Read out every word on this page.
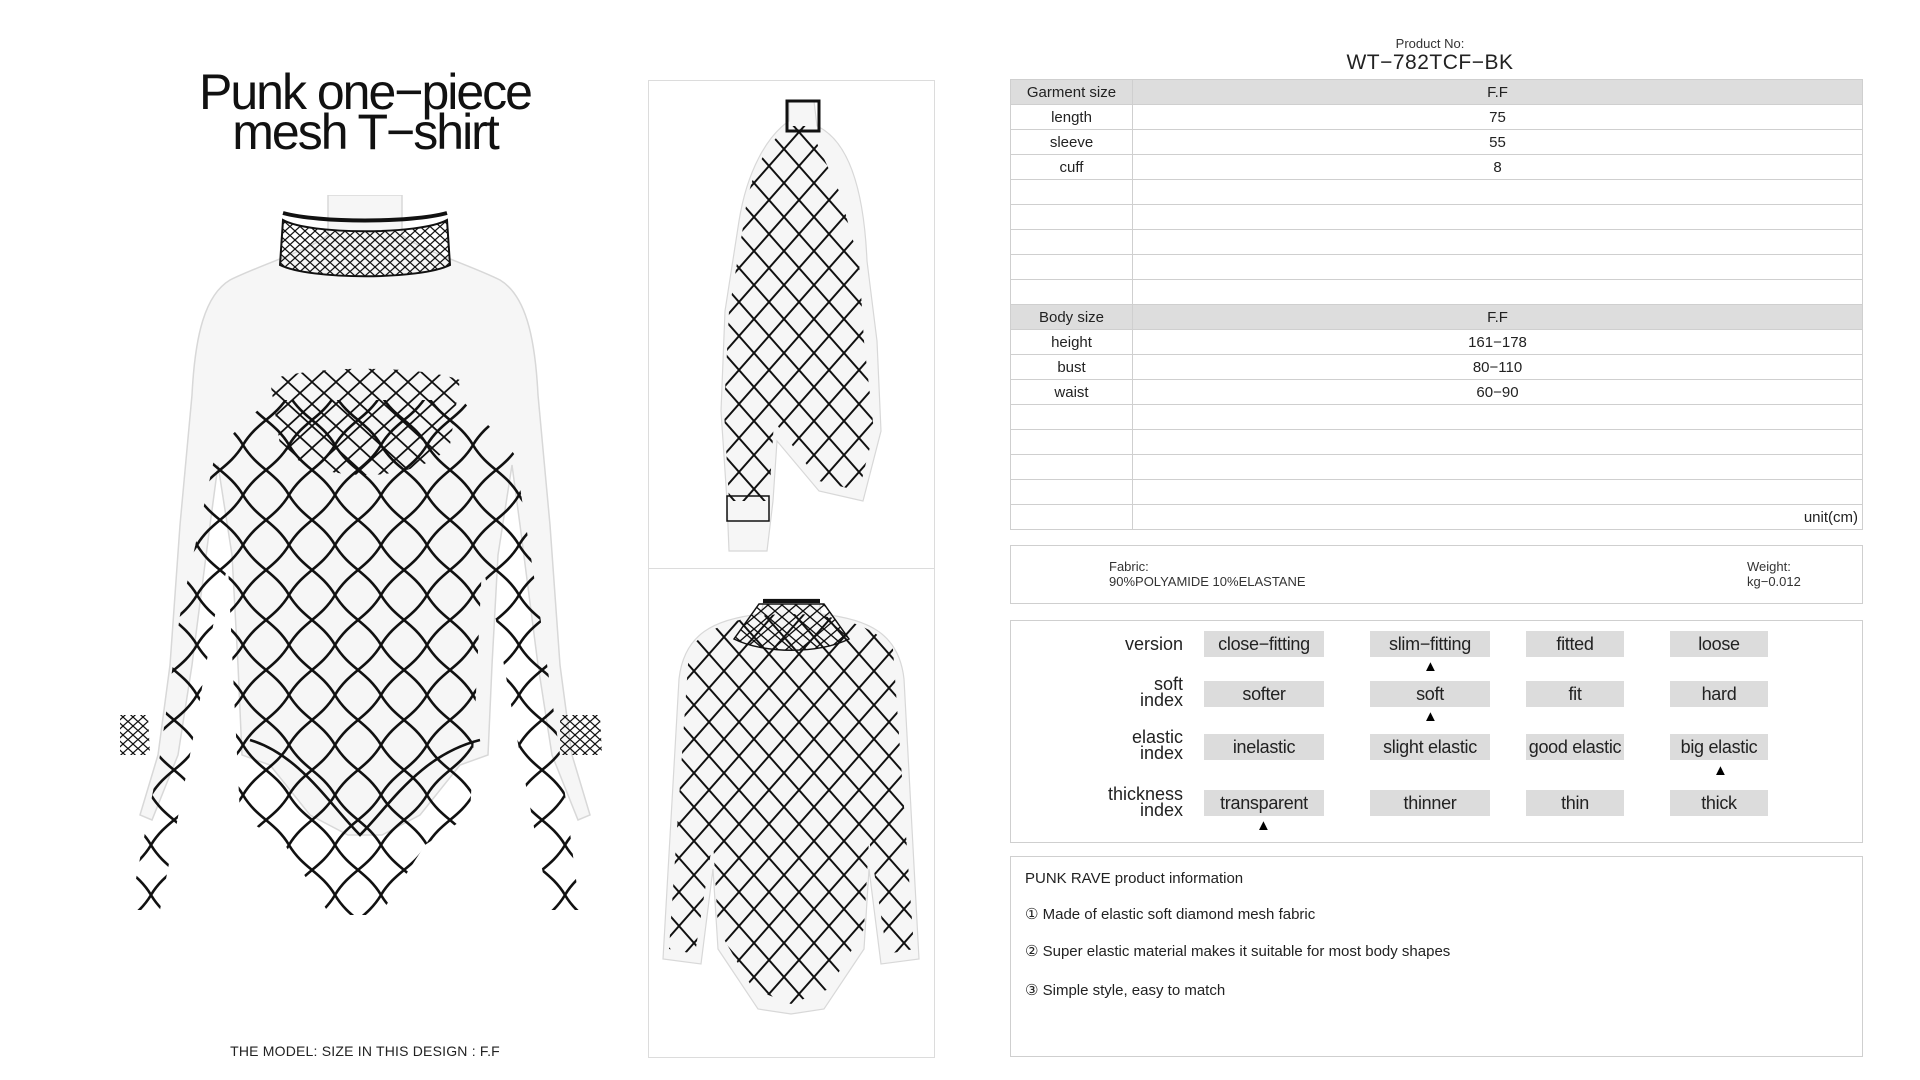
Punk one−piece
mesh T−shirt
THE MODEL: SIZE IN THIS DESIGN : F.F
Product No:
WT−782TCF−BK
Garment size	F.F
length	75
sleeve	55
cuff	8

Body size	F.F
height	161−178
bust	80−110
waist	60−90

	unit(cm)
Fabric:
90%POLYAMIDE 10%ELASTANE
Weight:
kg−0.012
version	close−fitting	slim−fitting	fitted	loose
▲
soft
index	softer	soft	fit	hard
▲
elastic
index	inelastic	slight elastic	good elastic	big elastic
▲
thickness
index	transparent	thinner	thin	thick
▲
PUNK RAVE product information
① Made of elastic soft diamond mesh fabric
② Super elastic material makes it suitable for most body shapes
③ Simple style, easy to match
